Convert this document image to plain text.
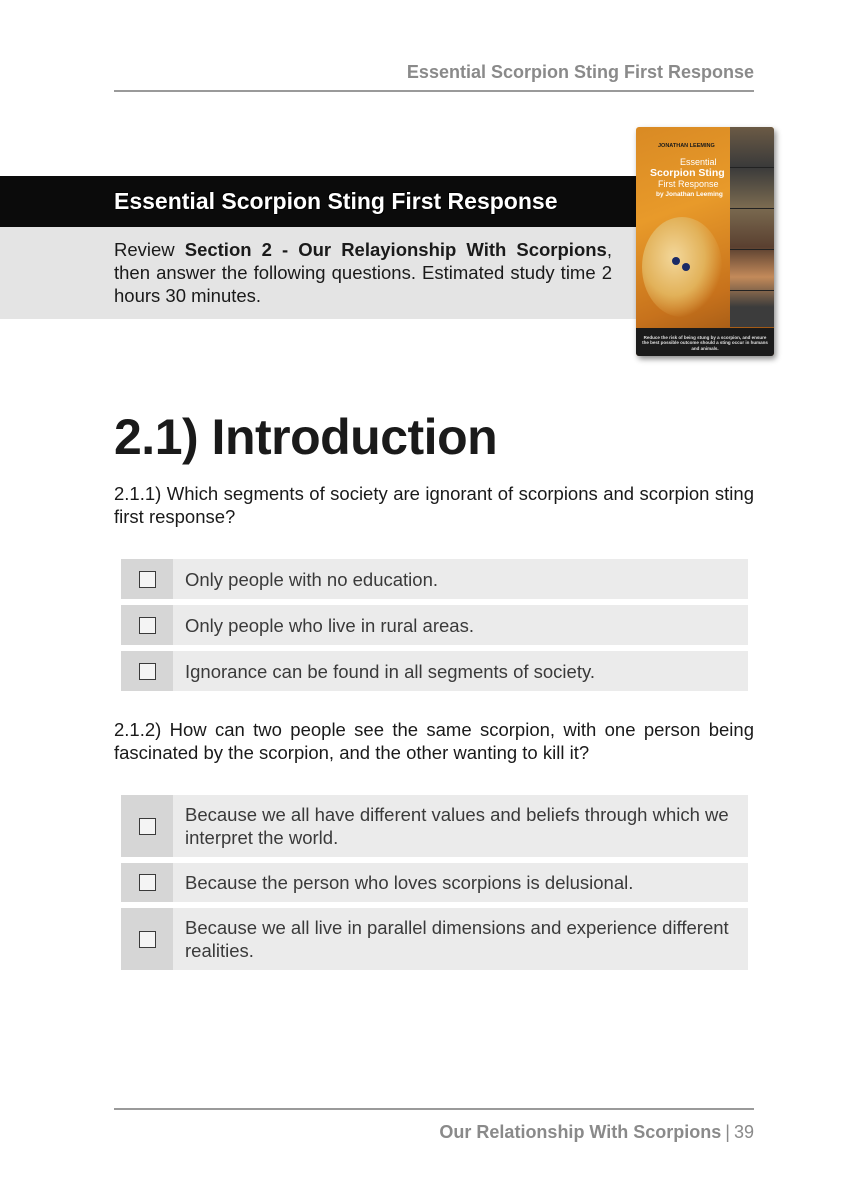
Essential Scorpion Sting First Response
Essential Scorpion Sting First Response
Review Section 2 - Our Relayionship With Scorpions, then answer the following questions. Estimated study time 2 hours 30 minutes.
JONATHAN LEEMING
Essential
Scorpion Sting
First Response
by Jonathan Leeming
Reduce the risk of being stung by a scorpion, and ensure the best possible outcome should a sting occur in humans and animals.
2.1) Introduction
2.1.1) Which segments of society are ignorant of scorpions and scorpion sting first response?
Only people with no education.
Only people who live in rural areas.
Ignorance can be found in all segments of society.
2.1.2) How can two people see the same scorpion, with one person being fascinated by the scorpion, and the other wanting to kill it?
Because we all have different values and beliefs through which we interpret the world.
Because the person who loves scorpions is delusional.
Because we all live in parallel dimensions and experience different realities.
Our Relationship With Scorpions | 39
